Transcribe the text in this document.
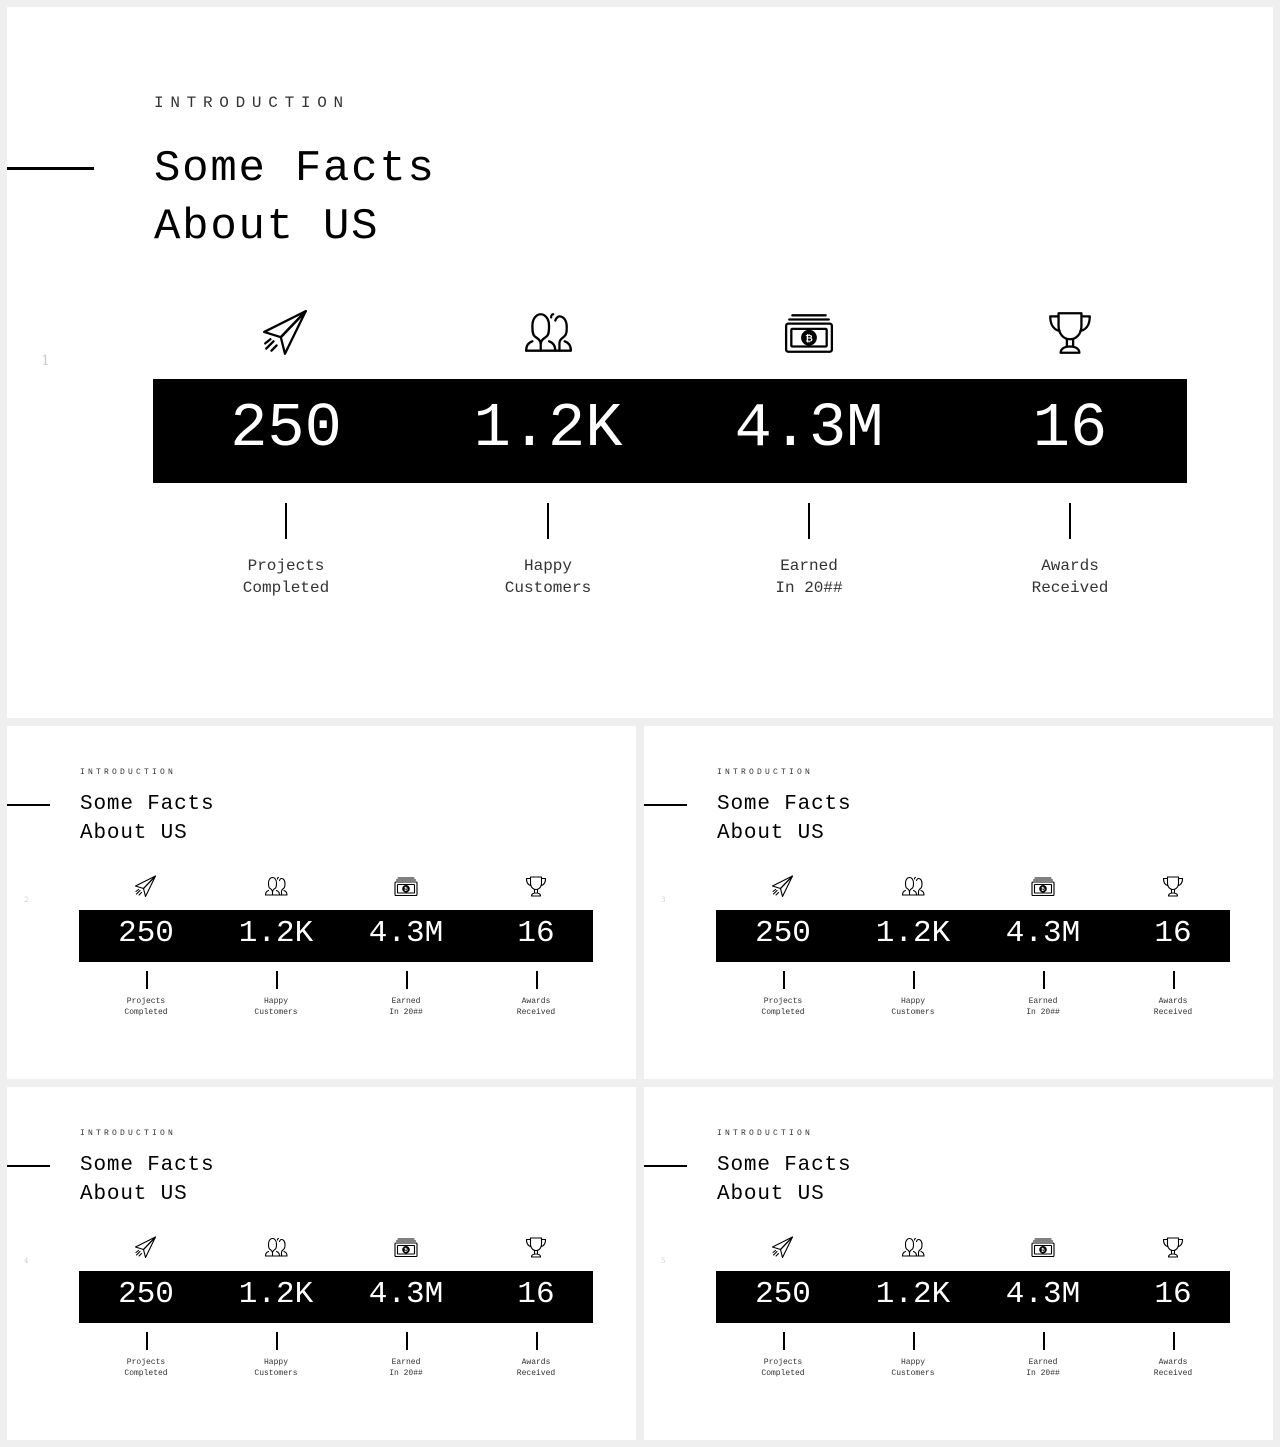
INTRODUCTION
Some Facts
About US
1
250
Projects
Completed
1.2K
Happy
Customers
₿
4.3M
Earned
In 20##
16
Awards
Received
INTRODUCTION
Some Facts
About US
2
250
Projects
Completed
1.2K
Happy
Customers
₿
4.3M
Earned
In 20##
16
Awards
Received
INTRODUCTION
Some Facts
About US
3
250
Projects
Completed
1.2K
Happy
Customers
₿
4.3M
Earned
In 20##
16
Awards
Received
INTRODUCTION
Some Facts
About US
4
250
Projects
Completed
1.2K
Happy
Customers
₿
4.3M
Earned
In 20##
16
Awards
Received
INTRODUCTION
Some Facts
About US
5
250
Projects
Completed
1.2K
Happy
Customers
₿
4.3M
Earned
In 20##
16
Awards
Received
